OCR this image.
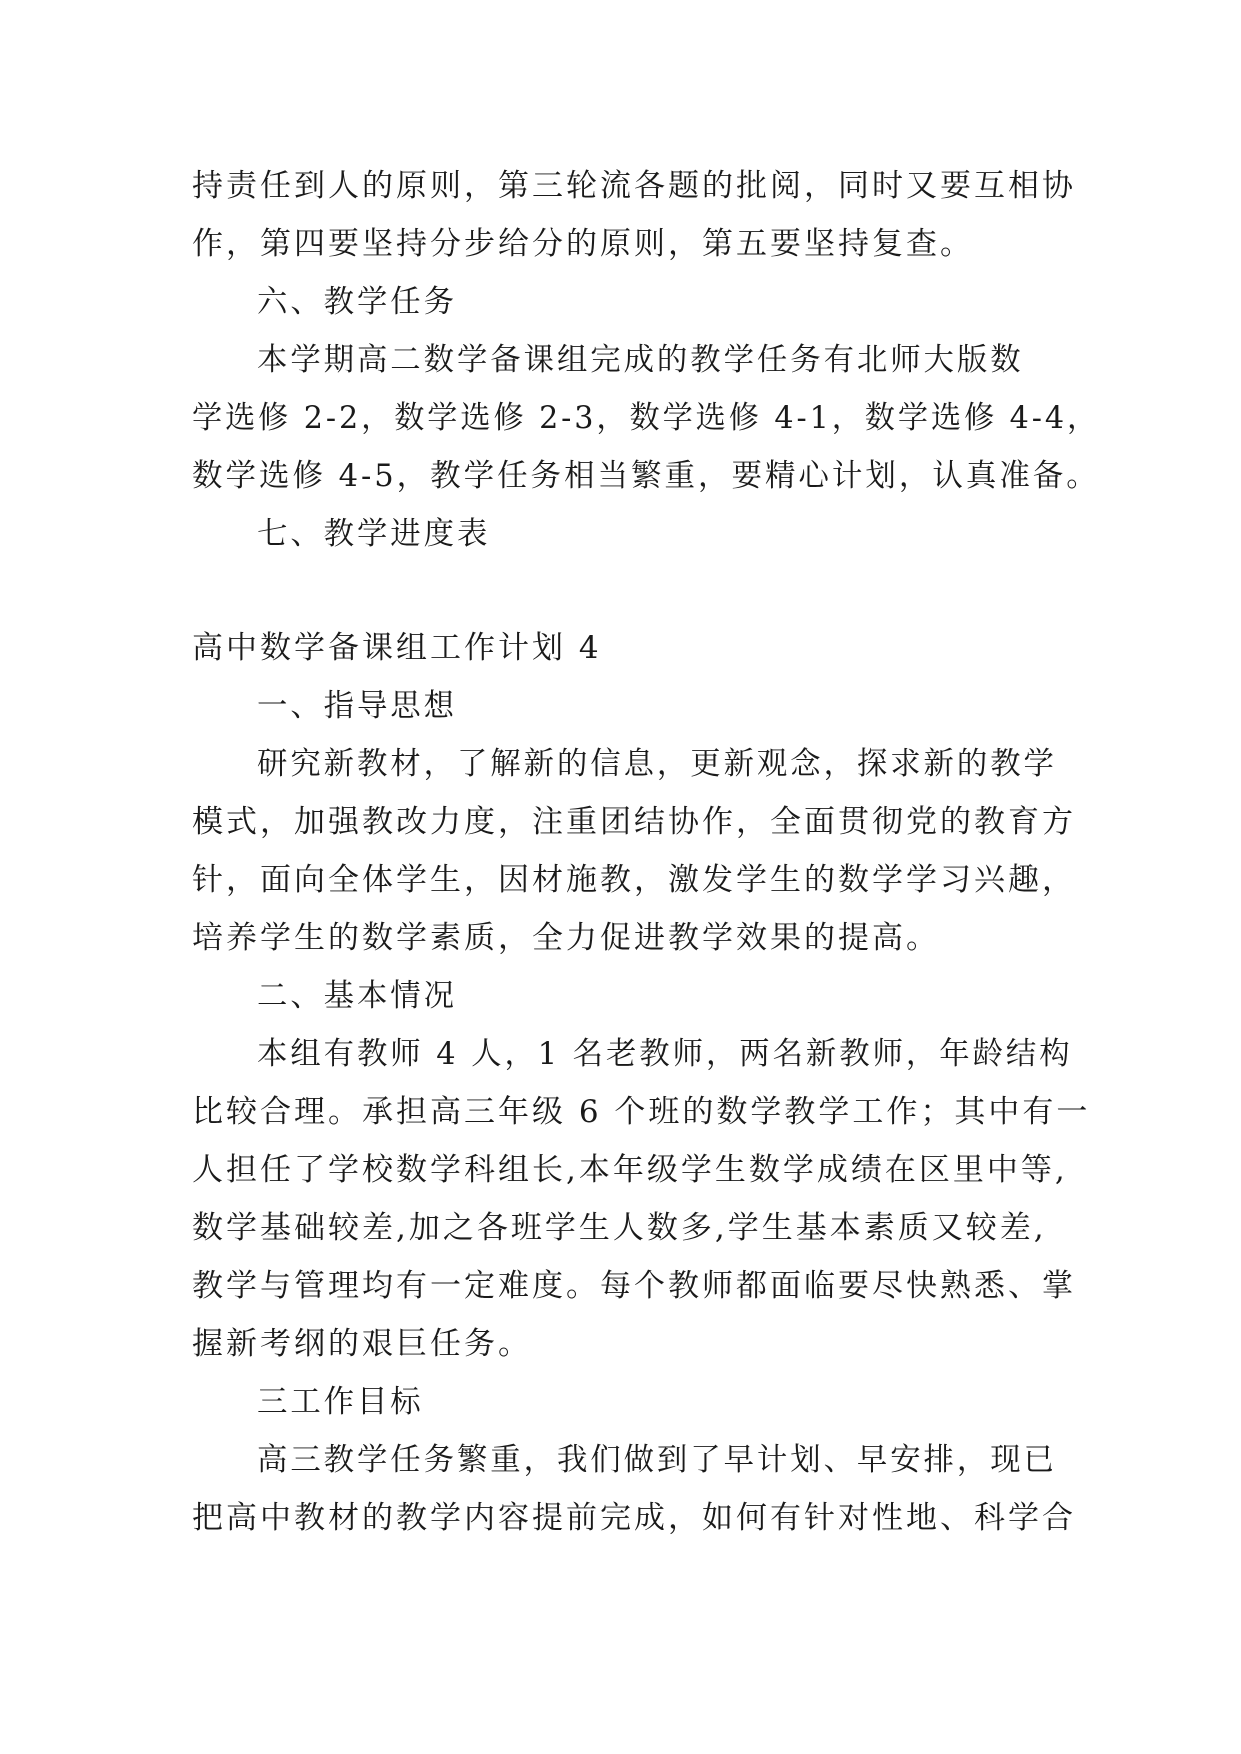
持责任到人的原则，第三轮流各题的批阅，同时又要互相协
作，第四要坚持分步给分的原则，第五要坚持复查。
六、教学任务
本学期高二数学备课组完成的教学任务有北师大版数
学选修 2-2，数学选修 2-3，数学选修 4-1，数学选修 4-4，
数学选修 4-5，教学任务相当繁重，要精心计划，认真准备。
七、教学进度表
高中数学备课组工作计划 4
一、指导思想
研究新教材，了解新的信息，更新观念，探求新的教学
模式，加强教改力度，注重团结协作，全面贯彻党的教育方
针，面向全体学生，因材施教，激发学生的数学学习兴趣，
培养学生的数学素质，全力促进教学效果的提高。
二、基本情况
本组有教师 4 人，1 名老教师，两名新教师，年龄结构
比较合理。承担高三年级 6 个班的数学教学工作；其中有一
人担任了学校数学科组长,本年级学生数学成绩在区里中等,
数学基础较差,加之各班学生人数多,学生基本素质又较差,
教学与管理均有一定难度。每个教师都面临要尽快熟悉、掌
握新考纲的艰巨任务。
三工作目标
高三教学任务繁重，我们做到了早计划、早安排，现已
把高中教材的教学内容提前完成，如何有针对性地、科学合
